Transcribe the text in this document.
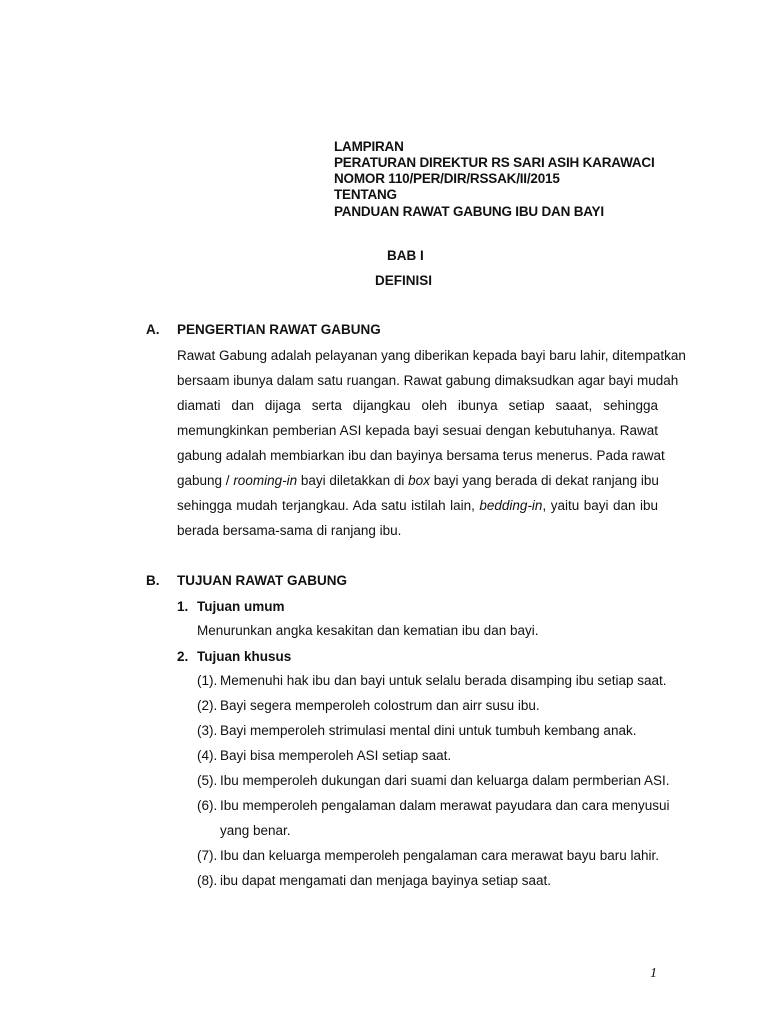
LAMPIRAN
PERATURAN DIREKTUR RS SARI ASIH KARAWACI
NOMOR 110/PER/DIR/RSSAK/II/2015
TENTANG
PANDUAN RAWAT GABUNG IBU DAN BAYI
BAB I
DEFINISI
A. PENGERTIAN RAWAT GABUNG
Rawat Gabung adalah pelayanan yang diberikan kepada bayi baru lahir, ditempatkan
bersaam ibunya dalam satu ruangan. Rawat gabung dimaksudkan agar bayi mudah
diamati dan dijaga serta dijangkau oleh ibunya setiap saaat, sehingga
memungkinkan pemberian ASI kepada bayi sesuai dengan kebutuhanya. Rawat
gabung adalah membiarkan ibu dan bayinya bersama terus menerus. Pada rawat
gabung / rooming-in bayi diletakkan di box bayi yang berada di dekat ranjang ibu
sehingga mudah terjangkau. Ada satu istilah lain, bedding-in, yaitu bayi dan ibu
berada bersama-sama di ranjang ibu.
B. TUJUAN RAWAT GABUNG
1. Tujuan umum
Menurunkan angka kesakitan dan kematian ibu dan bayi.
2. Tujuan khusus
(1). Memenuhi hak ibu dan bayi untuk selalu berada disamping ibu setiap saat.
(2). Bayi segera memperoleh colostrum dan airr susu ibu.
(3). Bayi memperoleh strimulasi mental dini untuk tumbuh kembang anak.
(4). Bayi bisa memperoleh ASI setiap saat.
(5). Ibu memperoleh dukungan dari suami dan keluarga dalam permberian ASI.
(6). Ibu memperoleh pengalaman dalam merawat payudara dan cara menyusui
yang benar.
(7). Ibu dan keluarga memperoleh pengalaman cara merawat bayu baru lahir.
(8). ibu dapat mengamati dan menjaga bayinya setiap saat.
1
